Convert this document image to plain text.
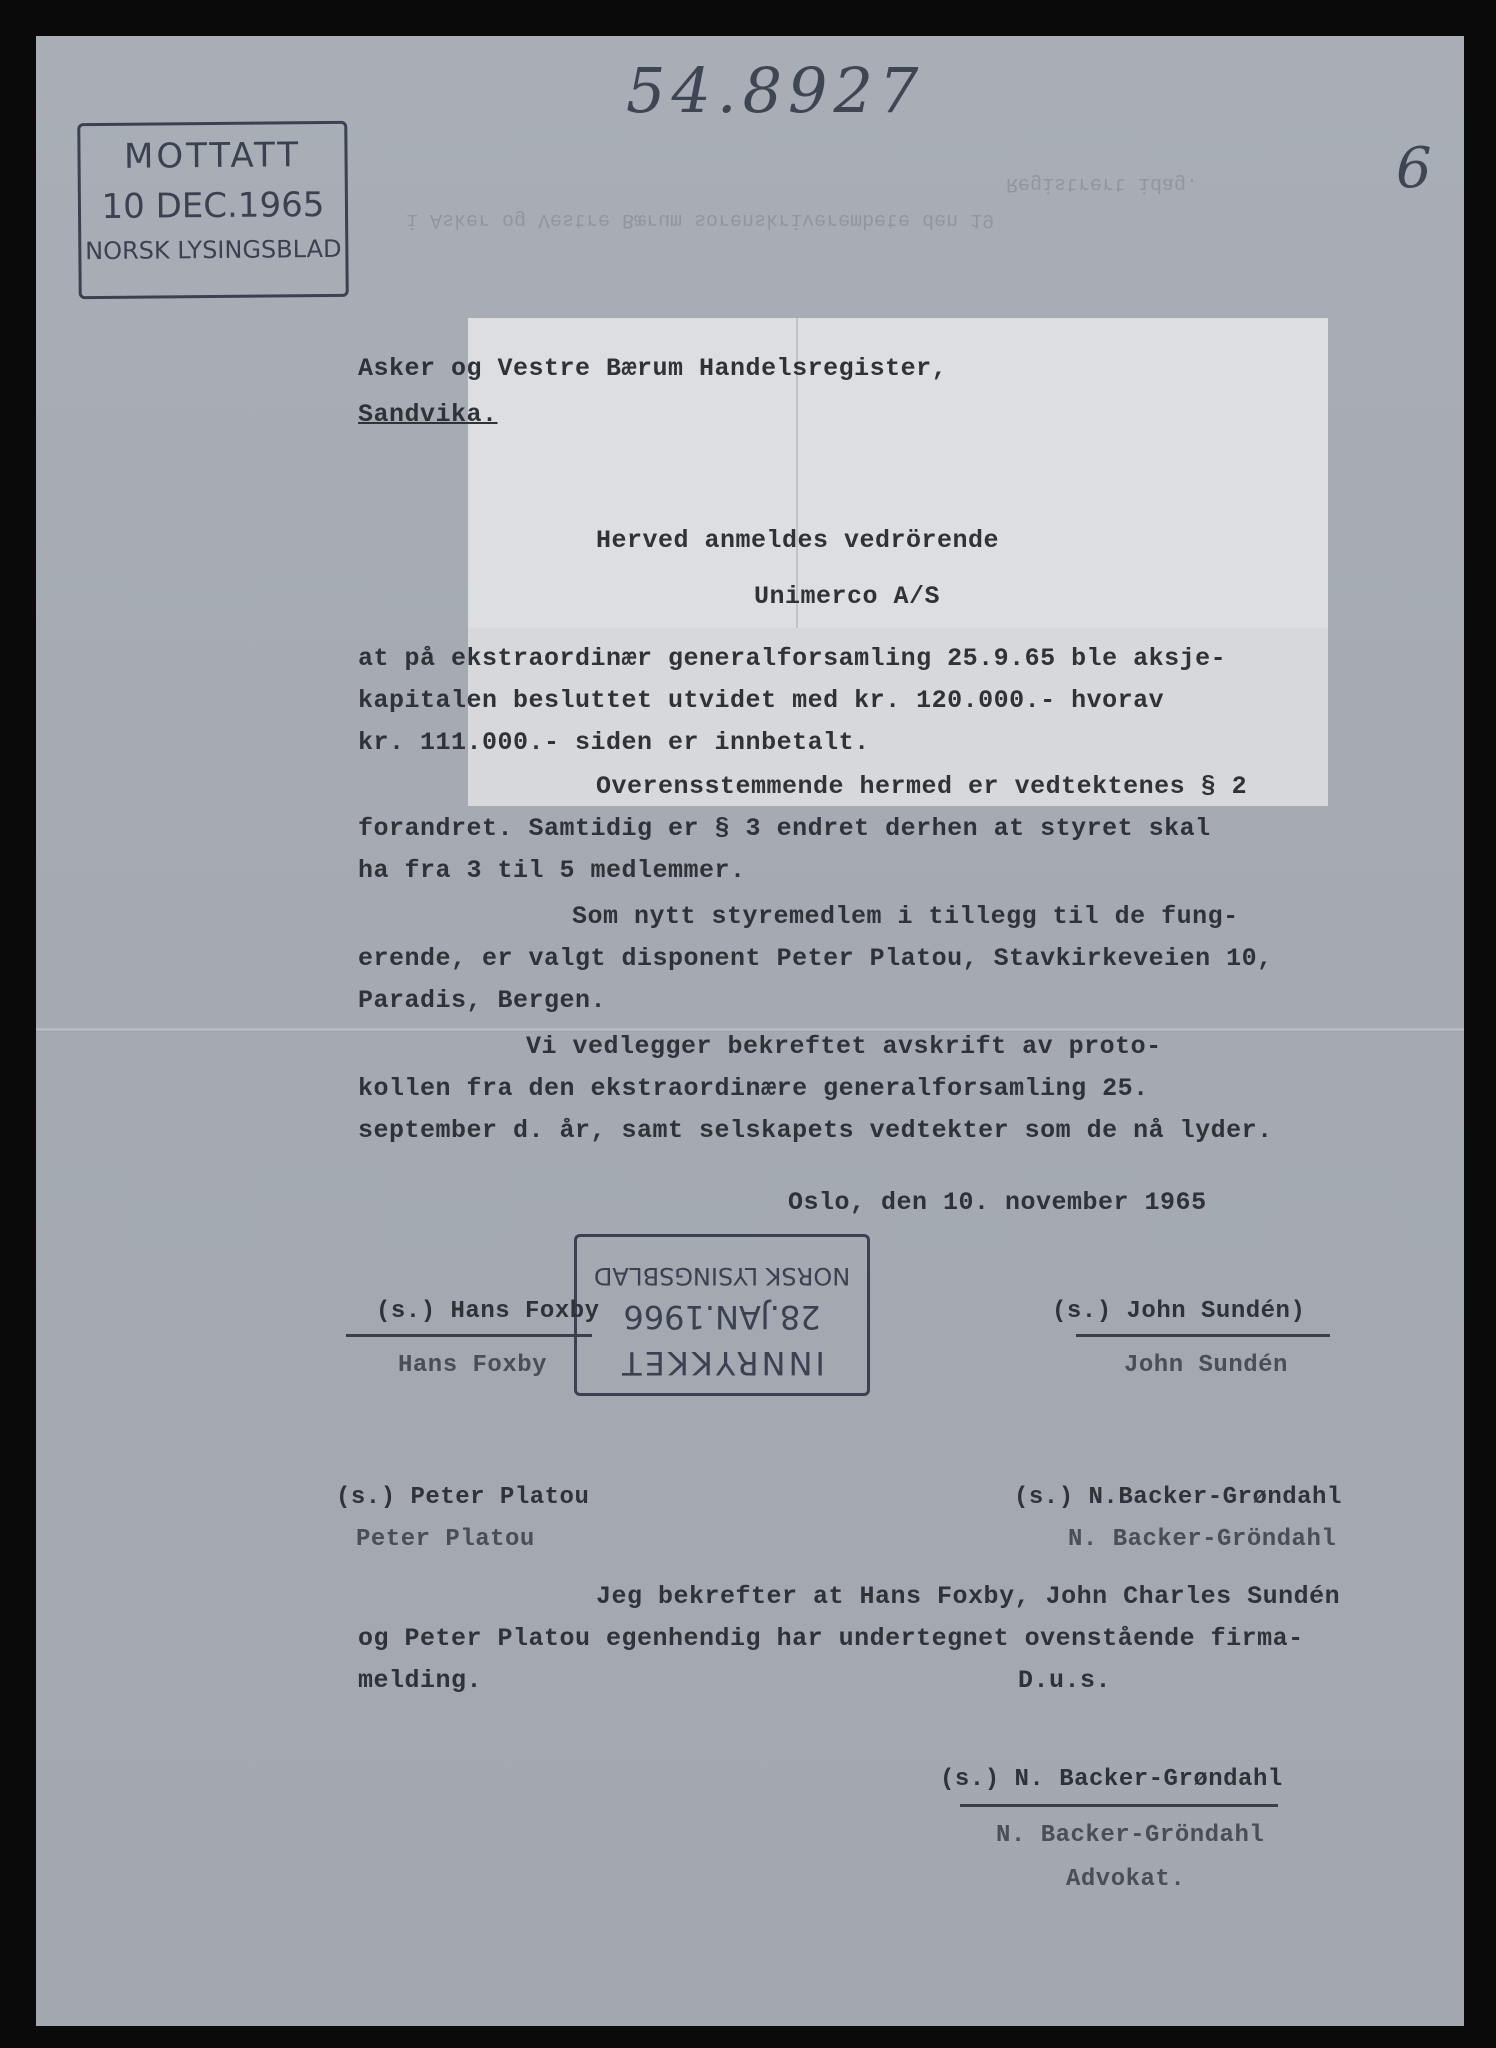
54.8927
6
MOTTATT
10 DEC.1965
NORSK LYSINGSBLAD
Registrert idag.
i Asker og Vestre Bærum sorenskriverembete den 19
Asker og Vestre Bærum Handelsregister,
Sandvika.
Herved anmeldes vedrörende
Unimerco A/S
at på ekstraordinær generalforsamling 25.9.65 ble aksje-
kapitalen besluttet utvidet med kr. 120.000.- hvorav
kr. 111.000.- siden er innbetalt.
Overensstemmende hermed er vedtektenes § 2
forandret. Samtidig er § 3 endret derhen at styret skal
ha fra 3 til 5 medlemmer.
Som nytt styremedlem i tillegg til de fung-
erende, er valgt disponent Peter Platou, Stavkirkeveien 10,
Paradis, Bergen.
Vi vedlegger bekreftet avskrift av proto-
kollen fra den ekstraordinære generalforsamling 25.
september d. år, samt selskapets vedtekter som de nå lyder.
Oslo, den 10. november 1965
INNRYKKET
28.JAN.1966
NORSK LYSINGSBLAD
(s.) Hans Foxby
Hans Foxby
(s.) John Sundén)
John Sundén
(s.) Peter Platou
Peter Platou
(s.) N.Backer-Grøndahl
N. Backer-Gröndahl
Jeg bekrefter at Hans Foxby, John Charles Sundén
og Peter Platou egenhendig har undertegnet ovenstående firma-
melding.	D.u.s.
(s.) N. Backer-Grøndahl
N. Backer-Gröndahl
Advokat.
